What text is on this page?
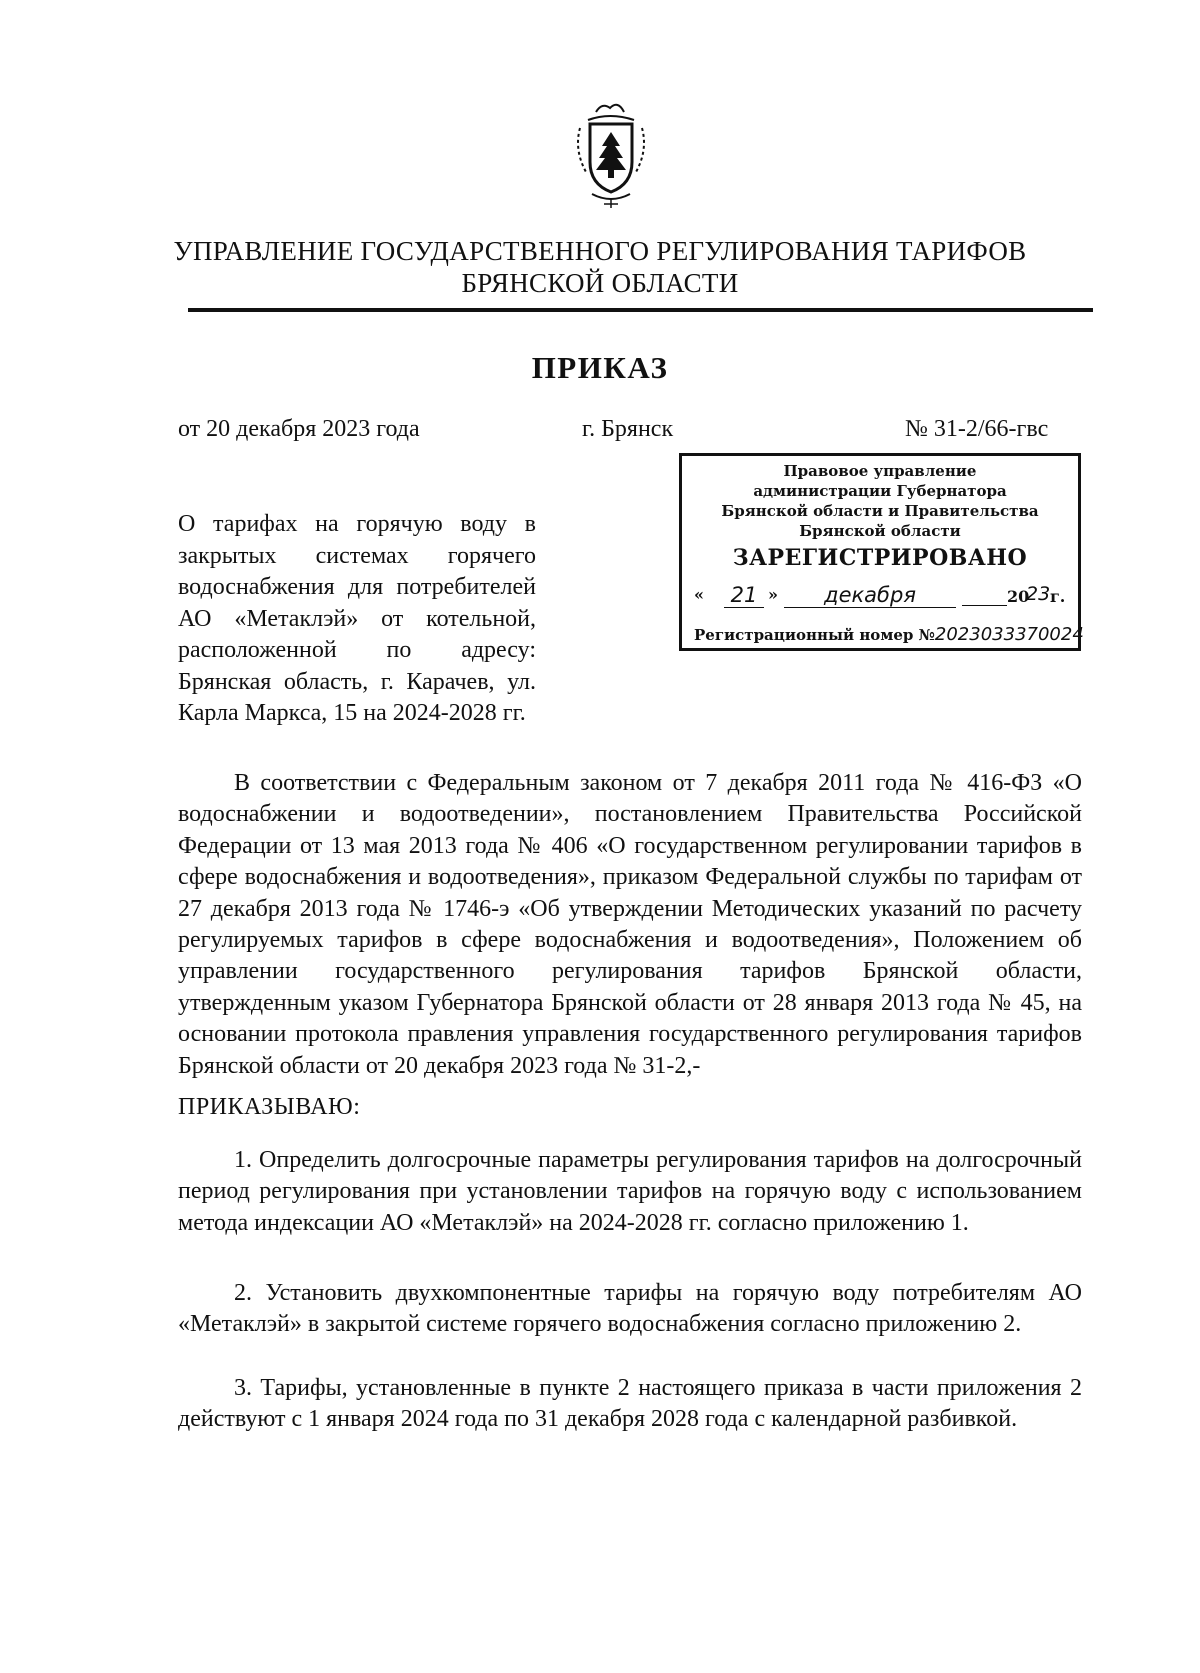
УПРАВЛЕНИЕ ГОСУДАРСТВЕННОГО РЕГУЛИРОВАНИЯ ТАРИФОВ
БРЯНСКОЙ ОБЛАСТИ
ПРИКАЗ
от 20 декабря 2023 года	г. Брянск	№ 31-2/66-гвс
Правовое управление
администрации Губернатора
Брянской области и Правительства
Брянской области
ЗАРЕГИСТРИРОВАНО
«	21 »	декабря	20
23 г.
Регистрационный номер №2023033370024
О тарифах на горячую воду в закрытых системах горячего водоснабжения для потребителей АО «Метаклэй» от котельной, расположенной по адресу: Брянская область, г. Карачев, ул. Карла Маркса, 15 на 2024-2028 гг.
В соответствии с Федеральным законом от 7 декабря 2011 года № 416-ФЗ «О водоснабжении и водоотведении», постановлением Правительства Российской Федерации от 13 мая 2013 года № 406 «О государственном регулировании тарифов в сфере водоснабжения и водоотведения», приказом Федеральной службы по тарифам от 27 декабря 2013 года № 1746-э «Об утверждении Методических указаний по расчету регулируемых тарифов в сфере водоснабжения и водоотведения», Положением об управлении государственного регулирования тарифов Брянской области, утвержденным указом Губернатора Брянской области от 28 января 2013 года № 45, на основании протокола правления управления государственного регулирования тарифов Брянской области от 20 декабря 2023 года № 31-2,-
ПРИКАЗЫВАЮ:
1. Определить долгосрочные параметры регулирования тарифов на долгосрочный период регулирования при установлении тарифов на горячую воду с использованием метода индексации АО «Метаклэй» на 2024-2028 гг. согласно приложению 1.
2. Установить двухкомпонентные тарифы на горячую воду потребителям АО «Метаклэй» в закрытой системе горячего водоснабжения согласно приложению 2.
3. Тарифы, установленные в пункте 2 настоящего приказа в части приложения 2 действуют с 1 января 2024 года по 31 декабря 2028 года с календарной разбивкой.
